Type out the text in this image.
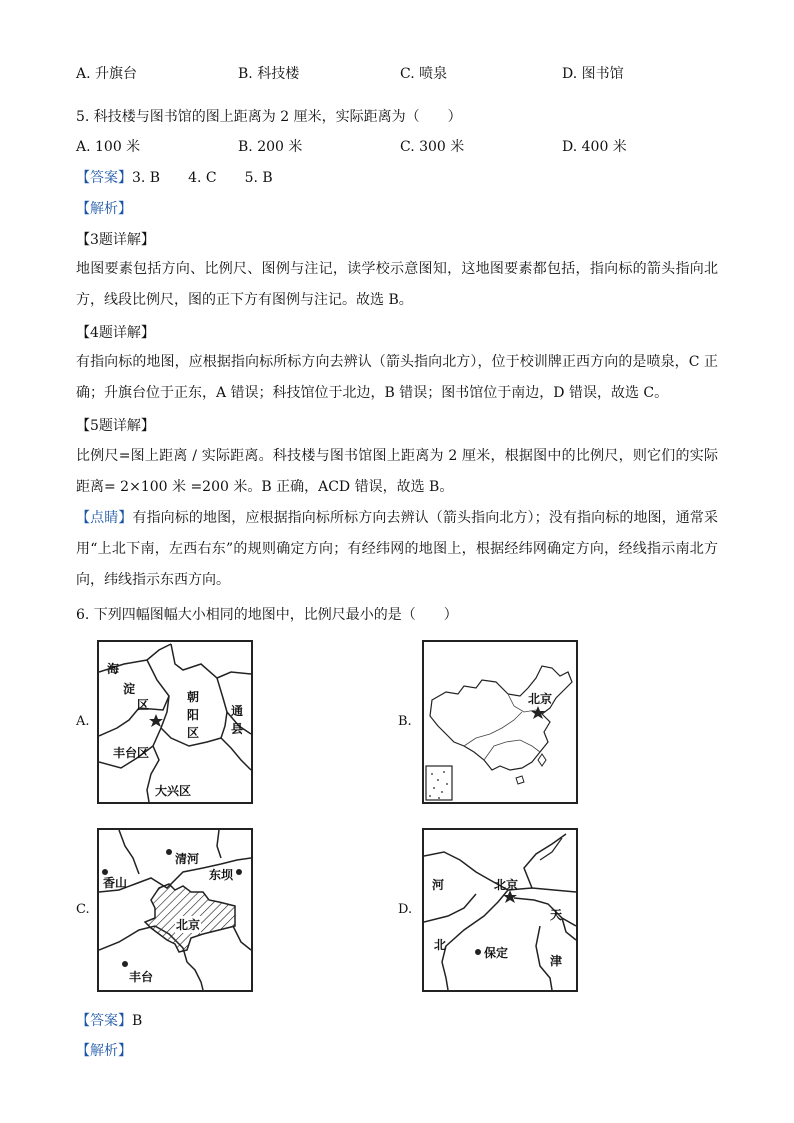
A. 升旗台	B. 科技楼	C. 喷泉	D. 图书馆
5. 科技楼与图书馆的图上距离为 2 厘米，实际距离为（　　）
A. 100 米	B. 200 米	C. 300 米	D. 400 米
【答案】3. B　　4. C　　5. B
【解析】
【3题详解】
地图要素包括方向、比例尺、图例与注记，读学校示意图知，这地图要素都包括，指向标的箭头指向北方，线段比例尺，图的正下方有图例与注记。故选 B。
【4题详解】
有指向标的地图，应根据指向标所标方向去辨认（箭头指向北方），位于校训牌正西方向的是喷泉，C 正确；升旗台位于正东，A 错误；科技馆位于北边，B 错误；图书馆位于南边，D 错误，故选 C。
【5题详解】
比例尺=图上距离 / 实际距离。科技楼与图书馆图上距离为 2 厘米，根据图中的比例尺，则它们的实际距离= 2×100 米 =200 米。B 正确，ACD 错误，故选 B。
【点睛】有指向标的地图，应根据指向标所标方向去辨认（箭头指向北方）；没有指向标的地图，通常采用“上北下南，左西右东”的规则确定方向；有经纬网的地图上，根据经纬网确定方向，经线指示南北方向，纬线指示东西方向。
6. 下列四幅图幅大小相同的地图中，比例尺最小的是（　　）
A.
海
淀
区
朝
阳
区
通
县
丰台区
大兴区
B.
北京
C.
清河
香山
东坝
北京
丰台
D.
河	北京
天
北
保定
津
【答案】B
【解析】
